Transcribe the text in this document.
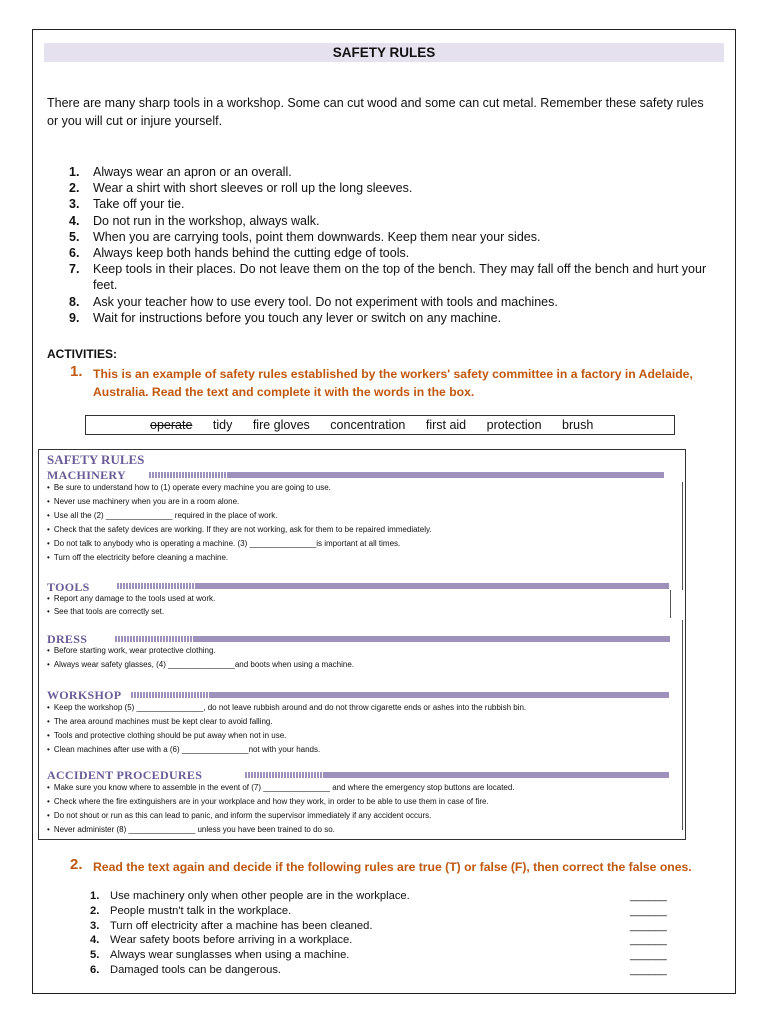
SAFETY RULES
There are many sharp tools in a workshop. Some can cut wood and some can cut metal. Remember these safety rules or you will cut or injure yourself.
1. Always wear an apron or an overall.
2. Wear a shirt with short sleeves or roll up the long sleeves.
3. Take off your tie.
4. Do not run in the workshop, always walk.
5. When you are carrying tools, point them downwards. Keep them near your sides.
6. Always keep both hands behind the cutting edge of tools.
7. Keep tools in their places. Do not leave them on the top of the bench. They may fall off the bench and hurt your feet.
8. Ask your teacher how to use every tool. Do not experiment with tools and machines.
9. Wait for instructions before you touch any lever or switch on any machine.
ACTIVITIES:
1. This is an example of safety rules established by the workers' safety committee in a factory in Adelaide, Australia. Read the text and complete it with the words in the box.
operate tidy fire gloves concentration first aid protection brush
SAFETY RULES
MACHINERY
• Be sure to understand how to (1) operate every machine you are going to use.
• Never use machinery when you are in a room alone.
• Use all the (2) _______________ required in the place of work.
• Check that the safety devices are working. If they are not working, ask for them to be repaired immediately.
• Do not talk to anybody who is operating a machine. (3) _______________is important at all times.
• Turn off the electricity before cleaning a machine.
TOOLS
• Report any damage to the tools used at work.
• See that tools are correctly set.
DRESS
• Before starting work, wear protective clothing.
• Always wear safety glasses, (4) _______________and boots when using a machine.
WORKSHOP
• Keep the workshop (5) _______________, do not leave rubbish around and do not throw cigarette ends or ashes into the rubbish bin.
• The area around machines must be kept clear to avoid falling.
• Tools and protective clothing should be put away when not in use.
• Clean machines after use with a (6) _______________not with your hands.
ACCIDENT PROCEDURES
• Make sure you know where to assemble in the event of (7) _______________ and where the emergency stop buttons are located.
• Check where the fire extinguishers are in your workplace and how they work, in order to be able to use them in case of fire.
• Do not shout or run as this can lead to panic, and inform the supervisor immediately if any accident occurs.
• Never administer (8) _______________ unless you have been trained to do so.
2. Read the text again and decide if the following rules are true (T) or false (F), then correct the false ones.
1. Use machinery only when other people are in the workplace.	______
2. People mustn't talk in the workplace.	______
3. Turn off electricity after a machine has been cleaned.	______
4. Wear safety boots before arriving in a workplace.	______
5. Always wear sunglasses when using a machine.	______
6. Damaged tools can be dangerous.	______
